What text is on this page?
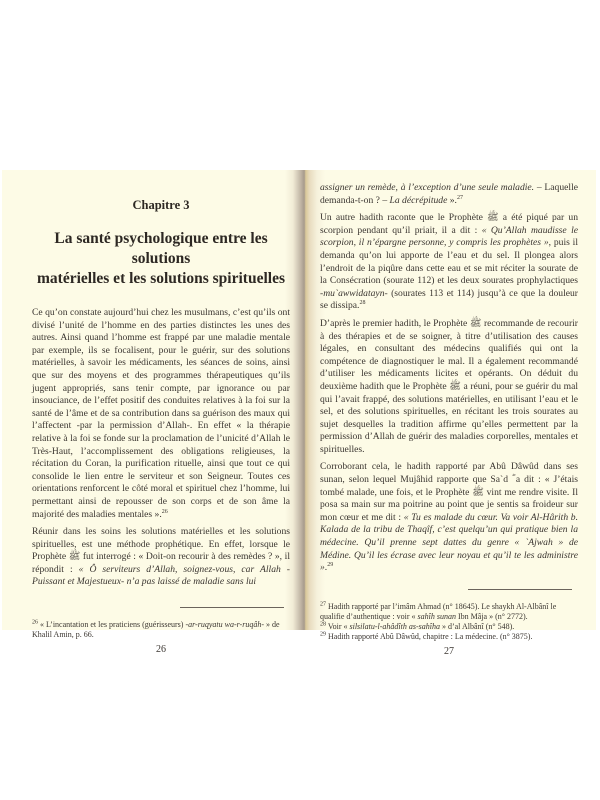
Chapitre 3
La santé psychologique entre les solutions
matérielles et les solutions spirituelles

Ce qu’on constate aujourd’hui chez les musulmans, c’est qu’ils ont divisé l’unité de l’homme en des parties distinctes les unes des autres. Ainsi quand l’homme est frappé par une maladie mentale par exemple, ils se focalisent, pour le guérir, sur des solutions matérielles, à savoir les médicaments, les séances de soins, ainsi que sur des moyens et des programmes thérapeutiques qu’ils jugent appropriés, sans tenir compte, par ignorance ou par insouciance, de l’effet positif des conduites relatives à la foi sur la santé de l’âme et de sa contribution dans sa guérison des maux qui l’affectent -par la permission d’Allah-. En effet « la thérapie relative à la foi se fonde sur la proclamation de l’unicité d’Allah le Très-Haut, l’accomplissement des obligations religieuses, la récitation du Coran, la purification rituelle, ainsi que tout ce qui consolide le lien entre le serviteur et son Seigneur. Toutes ces orientations renforcent le côté moral et spirituel chez l’homme, lui permettant ainsi de repousser de son corps et de son âme la majorité des maladies mentales ».$^{26}$

Réunir dans les soins les solutions matérielles et les solutions spirituelles, est une méthode prophétique. En effet, lorsque le Prophète ﷺ fut interrogé : « Doit-on recourir à des remèdes ? », il répondit : « Ô serviteurs d’Allah, soignez-vous, car Allah -Puissant et Majestueux- n’a pas laissé de maladie sans lui

$^{26}$ « L’incantation et les praticiens (guérisseurs) -ar-ruqyatu wa-r-ruqâh- » de Khalil Amin, p. 66.
26

assigner un remède, à l’exception d’une seule maladie. – Laquelle demanda-t-on ? – La décrépitude ».$^{27}$

Un autre hadith raconte que le Prophète ﷺ a été piqué par un scorpion pendant qu’il priait, il a dit : « Qu’Allah maudisse le scorpion, il n’épargne personne, y compris les prophètes », puis il demanda qu’on lui apporte de l’eau et du sel. Il plongea alors l’endroit de la piqûre dans cette eau et se mit réciter la sourate de la Consécration (sourate 112) et les deux sourates prophylactiques -mu`awwidatayn- (sourates 113 et 114) jusqu’à ce que la douleur se dissipa.$^{28}$

D’après le premier hadith, le Prophète ﷺ recommande de recourir à des thérapies et de se soigner, à titre d’utilisation des causes légales, en consultant des médecins qualifiés qui ont la compétence de diagnostiquer le mal. Il a également recommandé d’utiliser les médicaments licites et opérants. On déduit du deuxième hadith que le Prophète ﷺ a réuni, pour se guérir du mal qui l’avait frappé, des solutions matérielles, en utilisant l’eau et le sel, et des solutions spirituelles, en récitant les trois sourates au sujet desquelles la tradition affirme qu’elles permettent par la permission d’Allah de guérir des maladies corporelles, mentales et spirituelles.

Corroborant cela, le hadith rapporté par Abû Dâwûd dans ses sunan, selon lequel Mujâhid rapporte que Sa`d ؓ a dit : « J’étais tombé malade, une fois, et le Prophète ﷺ vint me rendre visite. Il posa sa main sur ma poitrine au point que je sentis sa froideur sur mon cœur et me dit : « Tu es malade du cœur. Va voir Al-Hârith b. Kalada de la tribu de Thaqîf, c’est quelqu’un qui pratique bien la médecine. Qu’il prenne sept dattes du genre « `Ajwah » de Médine. Qu’il les écrase avec leur noyau et qu’il te les administre ».$^{29}$

$^{27}$ Hadith rapporté par l’imâm Ahmad (n° 18645). Le shaykh Al-Albânî le qualifie d’authentique : voir « sahîh sunan Ibn Mâja » (n° 2772).
$^{28}$ Voir « silsilatu-l-ahâdîth as-sahîha » d’al Albânî (n° 548).
$^{29}$ Hadith rapporté Abû Dâwûd, chapitre : La médecine. (n° 3875).
27
